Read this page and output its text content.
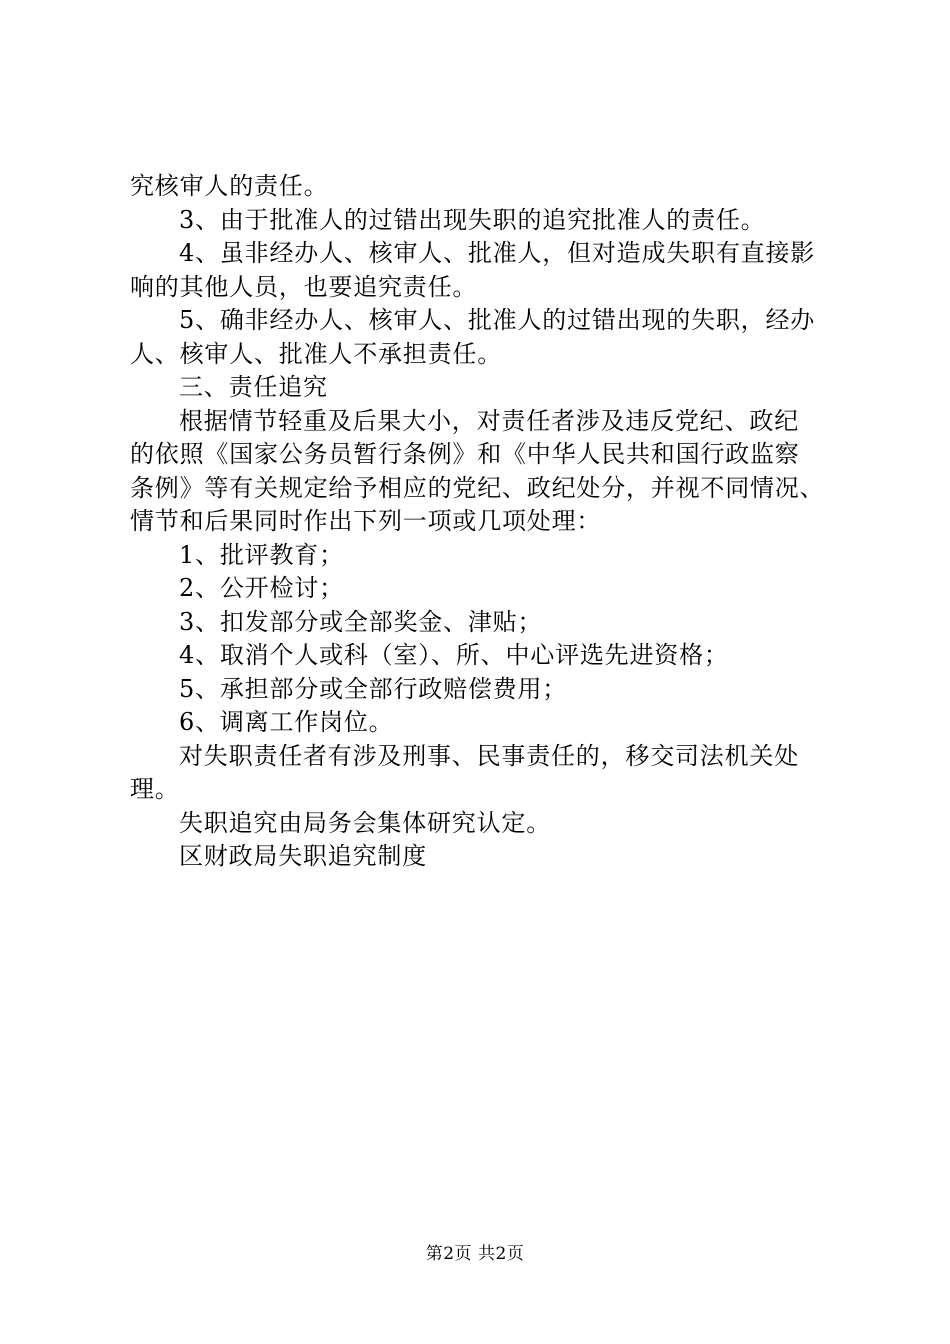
究核审人的责任。
3、由于批准人的过错出现失职的追究批准人的责任。
4、虽非经办人、核审人、批准人，但对造成失职有直接影
响的其他人员，也要追究责任。
5、确非经办人、核审人、批准人的过错出现的失职，经办
人、核审人、批准人不承担责任。
三、责任追究
根据情节轻重及后果大小，对责任者涉及违反党纪、政纪
的依照《国家公务员暂行条例》和《中华人民共和国行政监察
条例》等有关规定给予相应的党纪、政纪处分，并视不同情况、
情节和后果同时作出下列一项或几项处理：
1、批评教育；
2、公开检讨；
3、扣发部分或全部奖金、津贴；
4、取消个人或科（室）、所、中心评选先进资格；
5、承担部分或全部行政赔偿费用；
6、调离工作岗位。
对失职责任者有涉及刑事、民事责任的，移交司法机关处
理。
失职追究由局务会集体研究认定。
区财政局失职追究制度
第2页 共2页
